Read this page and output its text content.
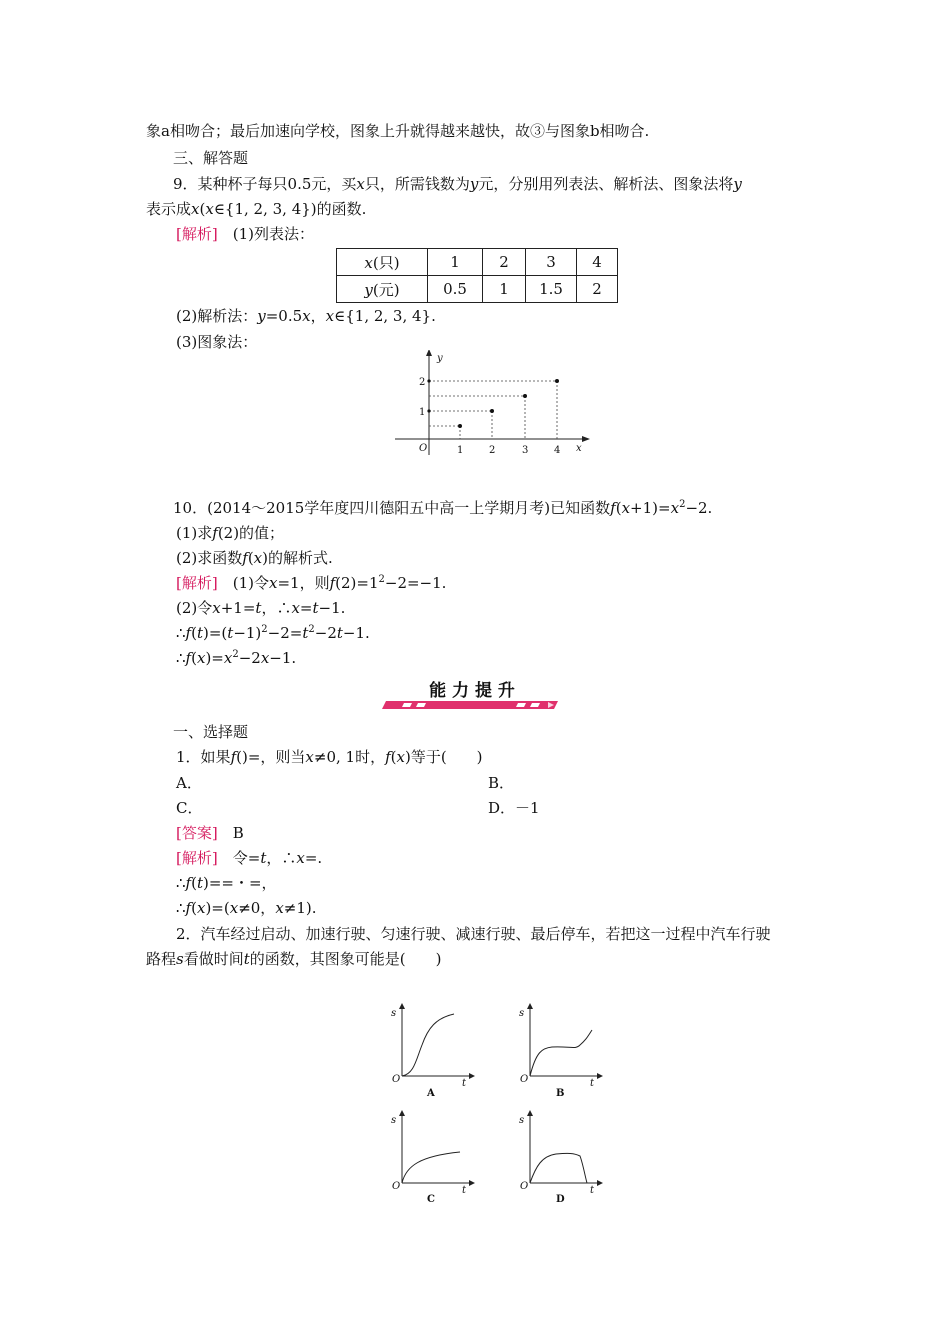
象a相吻合；最后加速向学校，图象上升就得越来越快，故③与图象b相吻合.
三、解答题
9．某种杯子每只0.5元，买x只，所需钱数为y元，分别用列表法、解析法、图象法将y
表示成x(x∈{1, 2, 3, 4})的函数.
[解析]　 (1)列表法：
x(只)	1	2	3	4
y(元)	0.5	1	1.5	2
(2)解析法：y=0.5x，x∈{1, 2, 3, 4}.
(3)图象法：
O	x
y
1	2	3	4
1
2
10．(2014～2015学年度四川德阳五中高一上学期月考)已知函数$f(x+1)=x^2-2$.
(1)求f(2)的值；
(2)求函数f(x)的解析式.
[解析]　 (1)令x=1，则$f(2)=1^2-2=-1$.
(2)令x+1=t，∴x=t−1.
$\therefore f(t)=(t-1)^2-2=t^2-2t-1$.
$\therefore f(x)=x^2-2x-1$.
能 力 提 升
一、选择题
1．如果f()=，则当x≠0, 1时，f(x)等于(　　)
A．	B．
C．	D．－1
[答案]　 B
[解析]　 令=t，∴x=.
∴f(t)==・=，
∴f(x)=(x≠0，x≠1).
2．汽车经过启动、加速行驶、匀速行驶、减速行驶、最后停车，若把这一过程中汽车行驶
路程s看做时间t的函数，其图象可能是(　　)
s
O	t
A
s
O	t
B
s
O	t
C
s
O	t
D
